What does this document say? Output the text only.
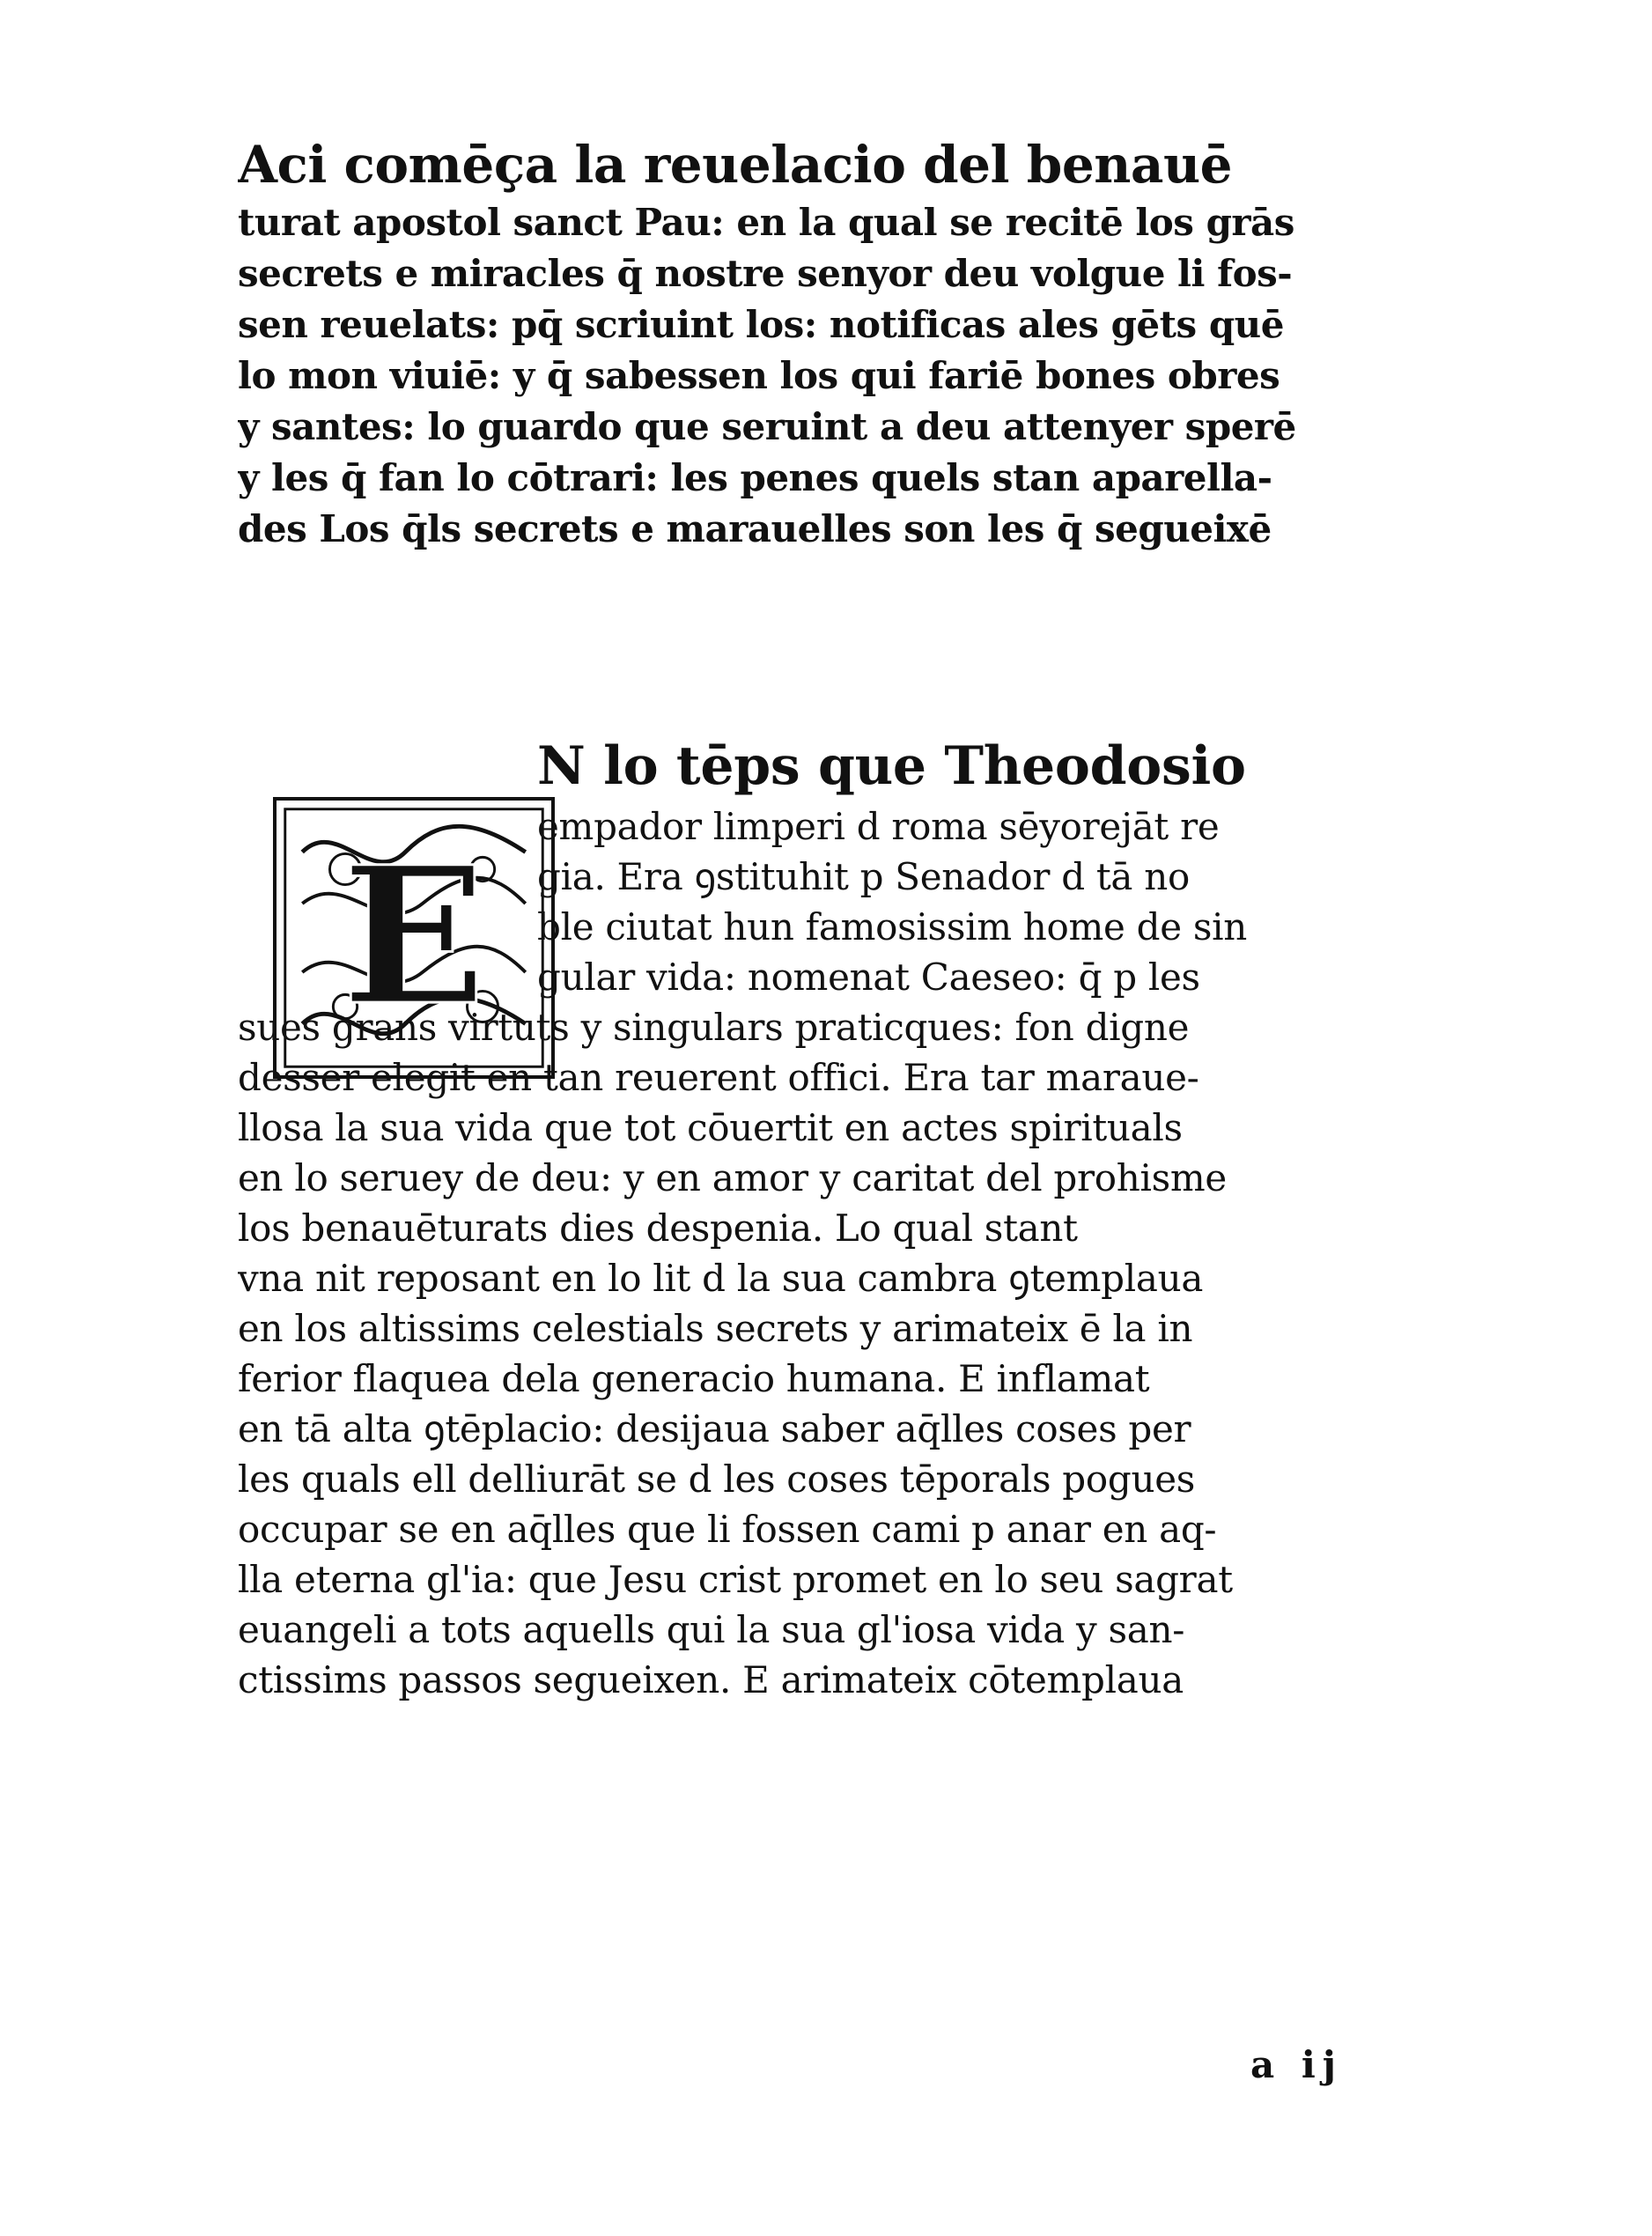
Aci comēça la reuelacio del benauē
turat apostol sanct Pau: en la qual se recitē los grās
secrets e miracles q̄ nostre senyor deu volgue li fos-
sen reuelats: pq̄ scriuint los: notificas ales gēts quē
lo mon viuiē: y q̄ sabessen los qui fariē bones obres
y santes: lo guardo que seruint a deu attenyer sperē
y les q̄ fan lo cōtrari: les penes quels stan aparella-
des Los q̄ls secrets e marauelles son les q̄ segueixē
E
N lo tēps que Theodosio
empador limperi d roma sēyorejāt re
gia. Era ꝯstituhit p Senador d tā no
ble ciutat hun famosissim home de sin
gular vida: nomenat Caeseo: q̄ p les
sues grans virtuts y singulars praticques: fon digne
desser elegit en tan reuerent offici. Era tar maraue-
llosa la sua vida que tot cōuertit en actes spirituals
en lo seruey de deu: y en amor y caritat del prohisme
los benauēturats dies despenia. Lo qual stant
vna nit reposant en lo lit d la sua cambra ꝯtemplaua
en los altissims celestials secrets y arimateix ē la in
ferior flaquea dela generacio humana. E inflamat
en tā alta ꝯtēplacio: desijaua saber aq̄lles coses per
les quals ell delliurāt se d les coses tēporals pogues
occupar se en aq̄lles que li fossen cami p anar en aq-
lla eterna gl'ia: que Jesu crist promet en lo seu sagrat
euangeli a tots aquells qui la sua gl'iosa vida y san-
ctissims passos segueixen. E arimateix cōtemplaua
a ij
